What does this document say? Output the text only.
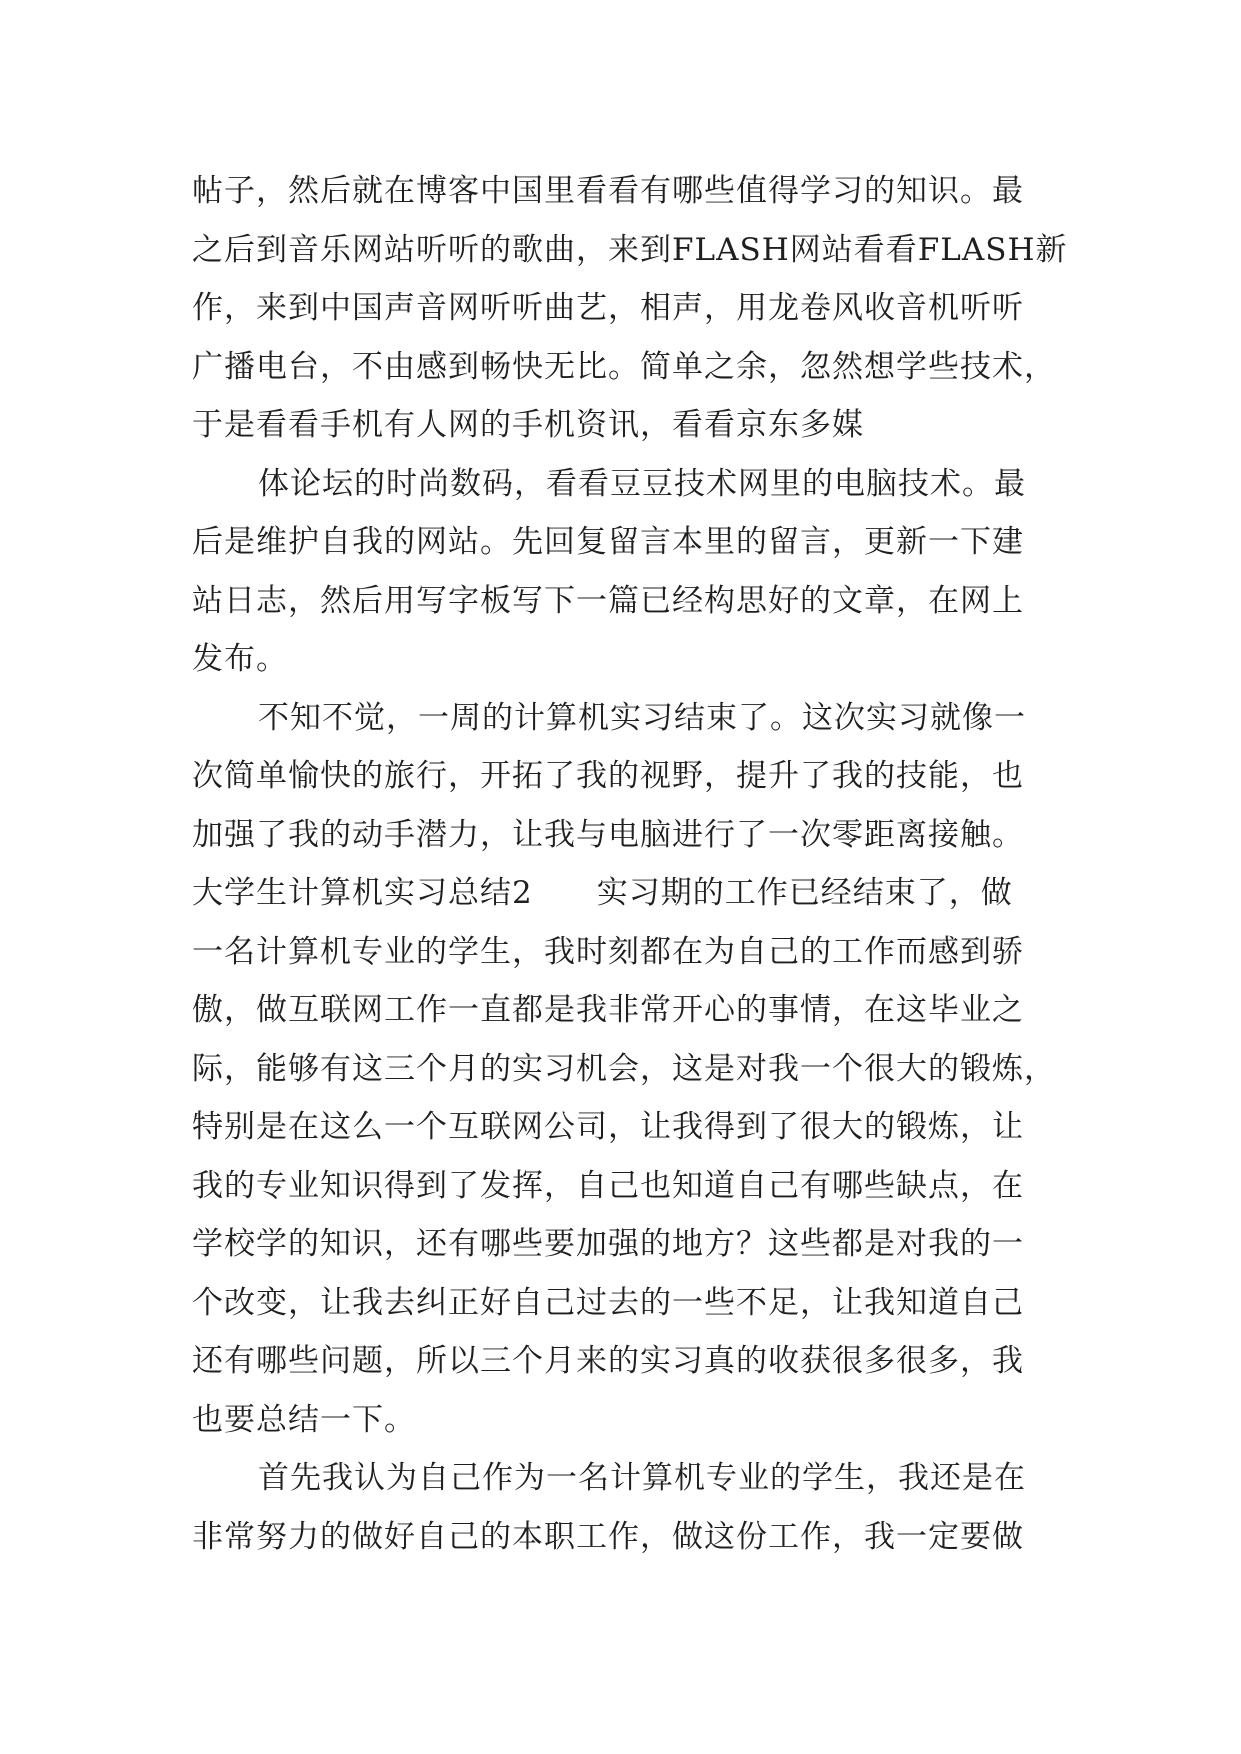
帖子，然后就在博客中国里看看有哪些值得学习的知识。最
之后到音乐网站听听的歌曲，来到FLASH网站看看FLASH新
作，来到中国声音网听听曲艺，相声，用龙卷风收音机听听
广播电台，不由感到畅快无比。简单之余，忽然想学些技术，
于是看看手机有人网的手机资讯，看看京东多媒
体论坛的时尚数码，看看豆豆技术网里的电脑技术。最
后是维护自我的网站。先回复留言本里的留言，更新一下建
站日志，然后用写字板写下一篇已经构思好的文章，在网上
发布。
不知不觉，一周的计算机实习结束了。这次实习就像一
次简单愉快的旅行，开拓了我的视野，提升了我的技能，也
加强了我的动手潜力，让我与电脑进行了一次零距离接触。
大学生计算机实习总结2　　实习期的工作已经结束了，做
一名计算机专业的学生，我时刻都在为自己的工作而感到骄
傲，做互联网工作一直都是我非常开心的事情，在这毕业之
际，能够有这三个月的实习机会，这是对我一个很大的锻炼，
特别是在这么一个互联网公司，让我得到了很大的锻炼，让
我的专业知识得到了发挥，自己也知道自己有哪些缺点，在
学校学的知识，还有哪些要加强的地方？这些都是对我的一
个改变，让我去纠正好自己过去的一些不足，让我知道自己
还有哪些问题，所以三个月来的实习真的收获很多很多，我
也要总结一下。
首先我认为自己作为一名计算机专业的学生，我还是在
非常努力的做好自己的本职工作，做这份工作，我一定要做
